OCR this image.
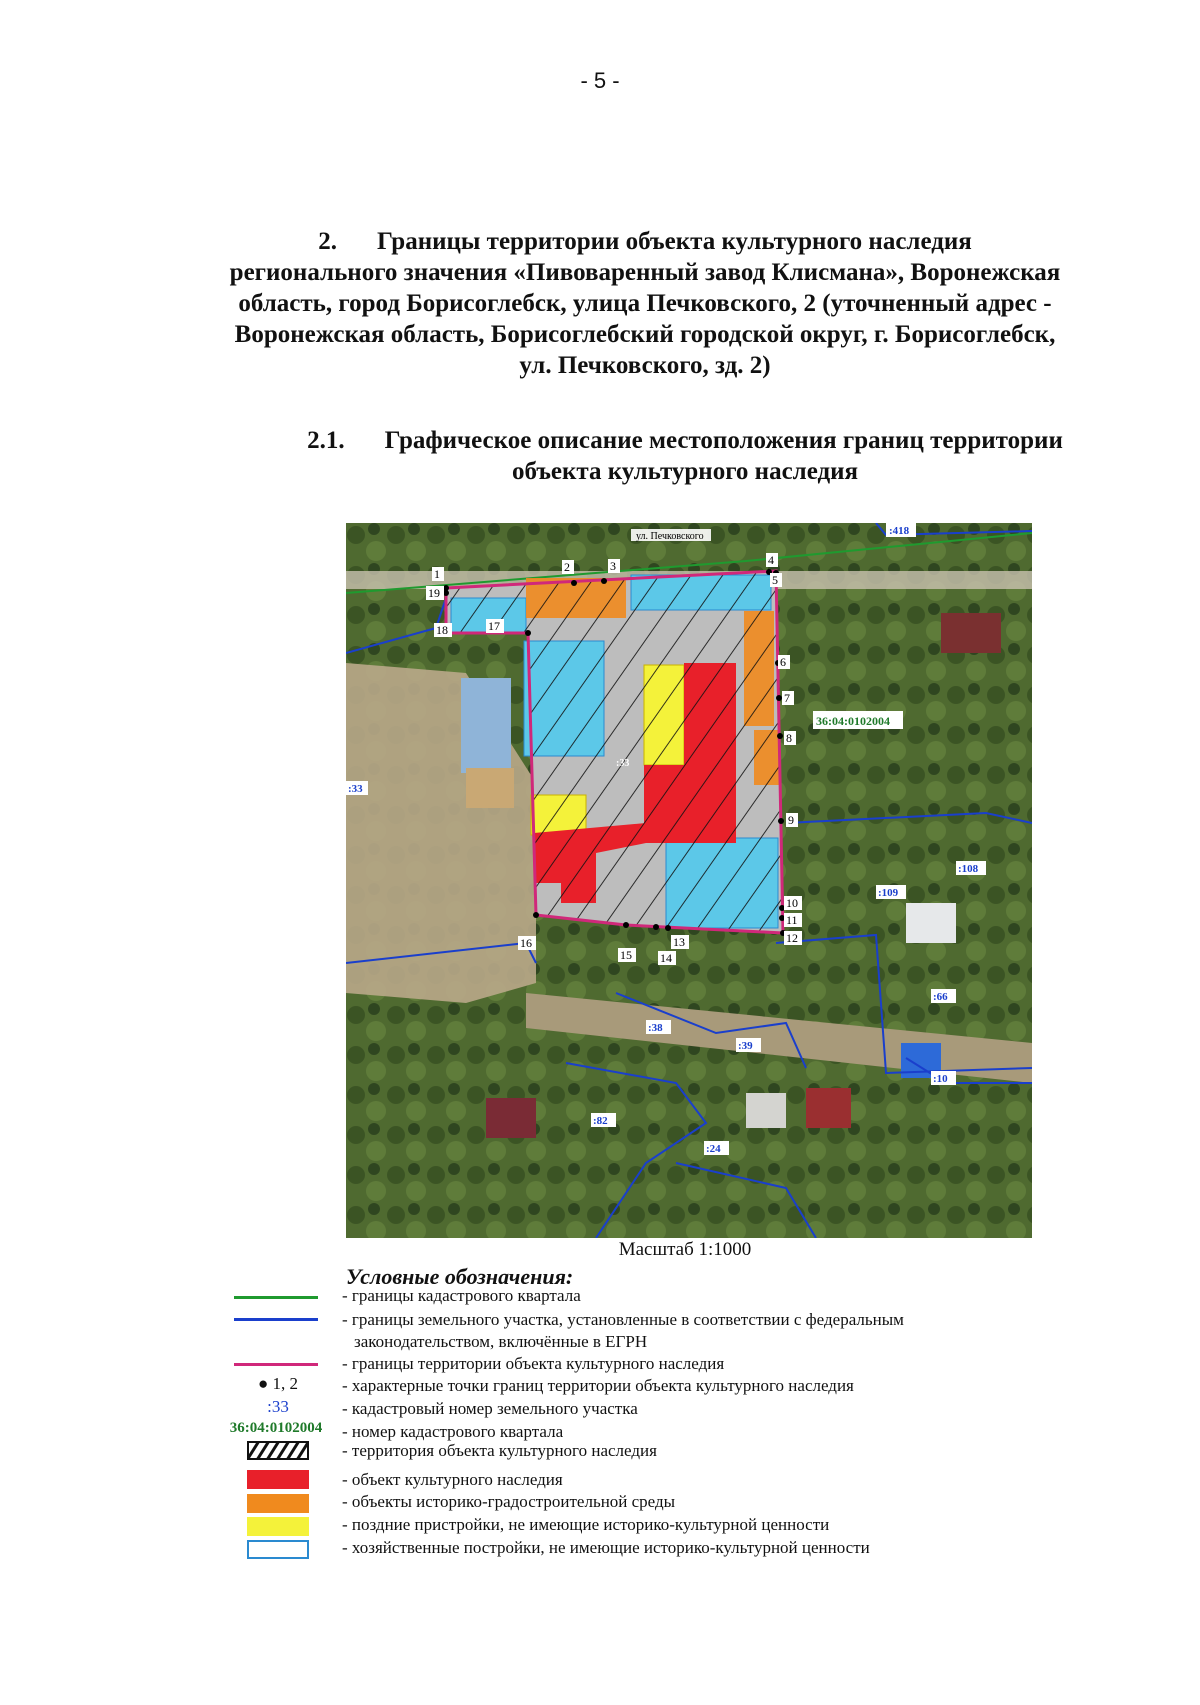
- 5 -
2. Границы территории объекта культурного наследия
регионального значения «Пивоваренный завод Клисмана», Воронежская
область, город Борисоглебск, улица Печковского, 2 (уточненный адрес -
Воронежская область, Борисоглебский городской округ, г. Борисоглебск,
ул. Печковского, зд. 2)
2.1. Графическое описание местоположения границ территории
объекта культурного наследия
ул. Печковского
36:04:0102004
:418
:33
:33
:108
:109
:66
:38
:39
:10
:82
:24
1	2	3	4
5
6
7
8
9
10
11
12
13
14
15
16
17
18
19
Масштаб 1:1000
Условные обозначения:
- границы кадастрового квартала
- границы земельного участка, установленные в соответствии с федеральным
законодательством, включённые в ЕГРН
- границы территории объекта культурного наследия
● 1, 2	- характерные точки границ территории объекта культурного наследия
:33	- кадастровый номер земельного участка
36:04:0102004	- номер кадастрового квартала
- территория объекта культурного наследия
- объект культурного наследия
- объекты историко-градостроительной среды
- поздние пристройки, не имеющие историко-культурной ценности
- хозяйственные постройки, не имеющие историко-культурной ценности
